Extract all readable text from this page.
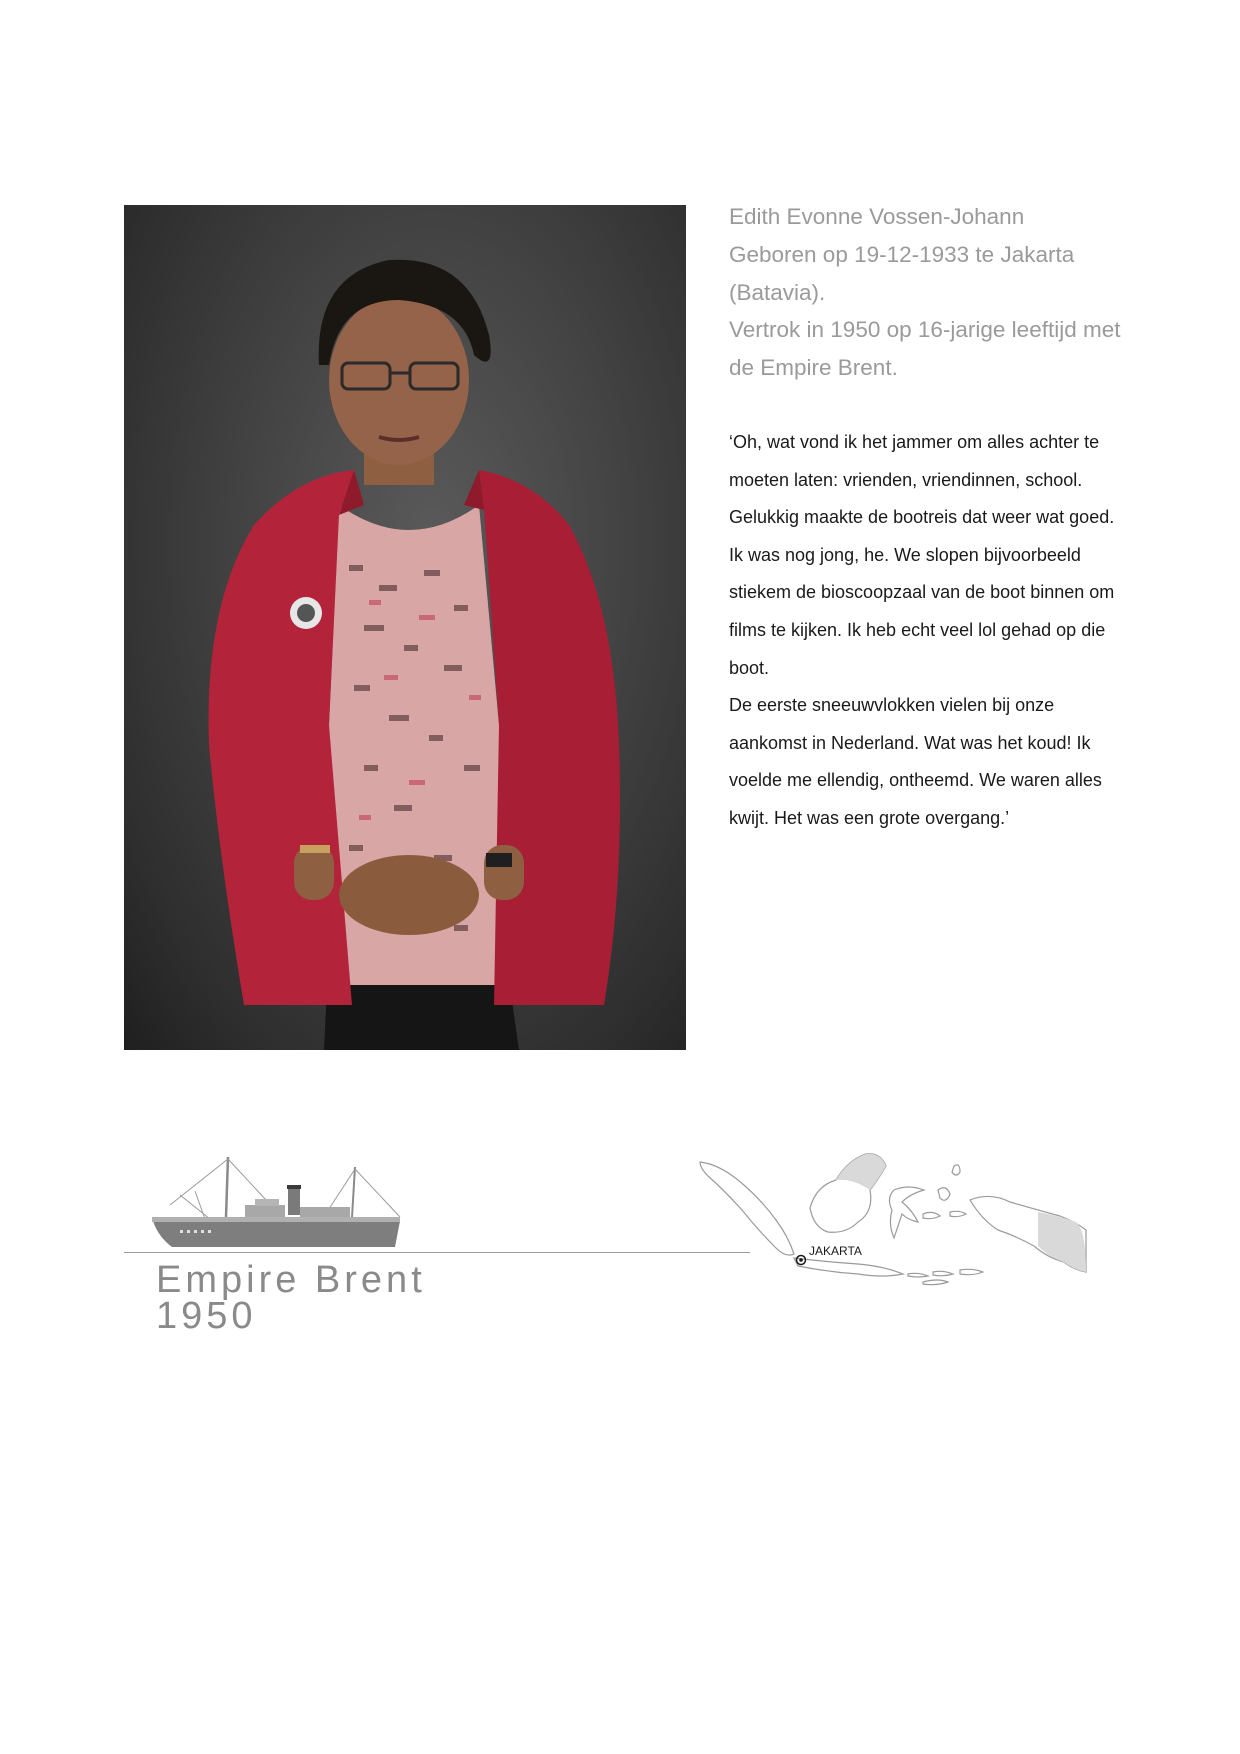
Edith Evonne Vossen-Johann

Geboren op 19-12-1933 te Jakarta

(Batavia).

Vertrok in 1950 op 16-jarige leeftijd met

de Empire Brent.

‘Oh, wat vond ik het jammer om alles achter te

moeten laten: vrienden, vriendinnen, school.

Gelukkig maakte de bootreis dat weer wat goed.

Ik was nog jong, he. We slopen bijvoorbeeld

stiekem de bioscoopzaal van de boot binnen om

films te kijken. Ik heb echt veel lol gehad op die

boot.

De eerste sneeuwvlokken vielen bij onze

aankomst in Nederland. Wat was het koud! Ik

voelde me ellendig, ontheemd. We waren alles

kwijt. Het was een grote overgang.’

Empire Brent
1950
JAKARTA
